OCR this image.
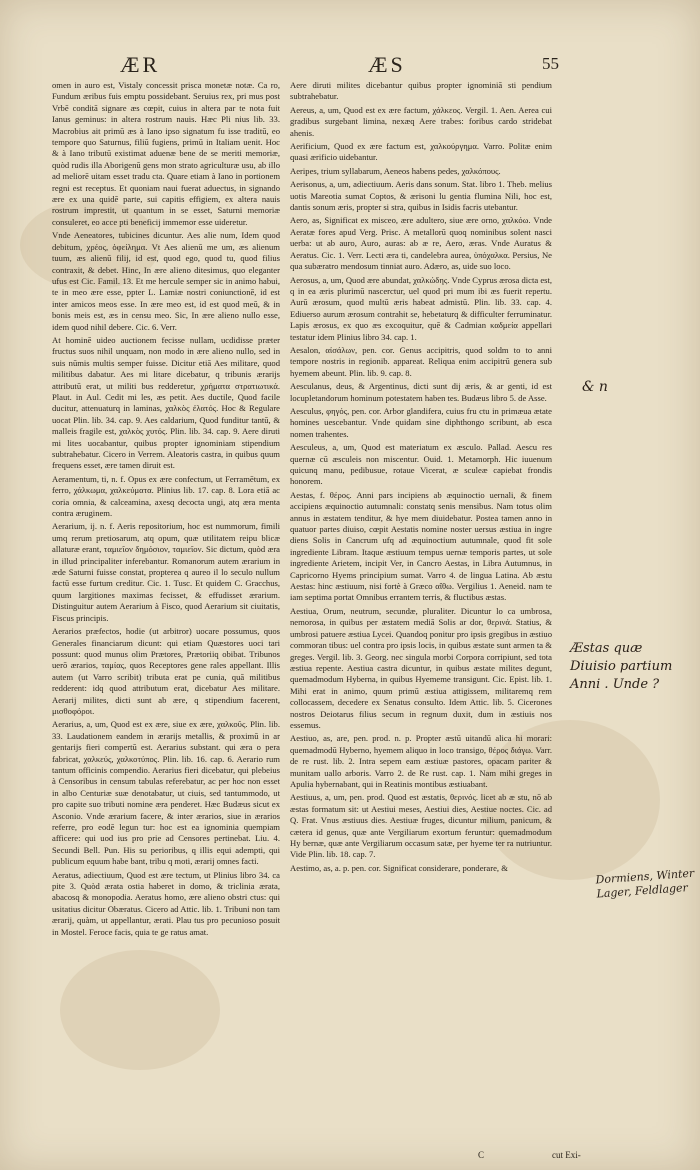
ÆR	ÆS	55

omen in auro est, Vistaly concessit prisca monetæ notæ. Ca ro, Fundum æribus fuis emptu possidebant. Seruius rex, pri mus post Vrbē conditā signare æs cœpit, cuius in altera par te nota fuit Ianus geminus: in altera rostrum nauis. Hæc Pli nius lib. 33. Macrobius ait primū æs à Iano ipso signatum fu isse traditū, eo tempore quo Saturnus, filiū fugiens, primū in Italiam uenit. Hoc & à Iano tributū existimat aduenæ bene de se meriti memoriæ, quòd rudis illa Aborigenū gens mon strato agriculturæ usu, ab illo ad meliorē uitam esset tradu cta. Quare etiam à Iano in portionem regni est receptus. Et quoniam naui fuerat aduectus, in signando ære ex una quidē parte, sui capitis effigiem, ex altera nauis rostrum imprestit, ut quantum in se esset, Saturni memoriæ consuleret, eo acce pti beneficij immemor esse uideretur.

Vnde Aeneatores, tubicines dicuntur. Aes alie num, Idem quod debitum, χρέος, ὀφείλημα. Vt Aes alienū me um, æs alienum tuum, æs alienū filij, id est, quod ego, quod tu, quod filius contraxit, & debet. Hinc, In ære alieno ditesimus, quo eleganter ufus est Cic. Famil. 13. Et me hercule semper sic in animo habui, te in meo ære esse, ppter L. Lamiæ nostri coniunctionē, id est inter amicos meos esse. In ære meo est, id est quod meū, & in bonis meis est, æs in censu meo. Sic, In ære alieno nullo esse, idem quod nihil debere. Cic. 6. Verr.

At hominē uideo auctionem fecisse nullam, ucdidisse præter fructus suos nihil unquam, non modo in ære alieno nullo, sed in suis nūmis multis semper fuisse. Dicitur etiā Aes militare, quod militibus dabatur. Aes mi litare dicebatur, q tribunis ærarijs attributū erat, ut militi bus redderetur, χρήματα στρατιωτικά. Plaut. in Aul. Cedit mi les, æs petit. Aes ductile, Quod facile ducitur, attenuaturq in laminas, χαλκὸς ἐλατός. Hoc & Regulare uocat Plin. lib. 34. cap. 9. Aes caldarium, Quod funditur tantū, & malleis fragile est, χαλκὸς χυτός. Plin. lib. 34. cap. 9. Aere diruti mi lites uocabantur, quibus propter ignominiam stipendium subtrahebatur. Cicero in Verrem. Aleatoris castra, in quibus quum frequens esset, ære tamen diruit est.

Aeramentum, ti, n. f. Opus ex ære confectum, ut Ferramētum, ex ferro, χάλκωμα, χαλκεύματα. Plinius lib. 17. cap. 8. Lora etiā ac coria omnia, & calceamina, axesq decocta ungi, atq æra menta contra æruginem.

Aerarium, ij. n. f. Aeris repositorium, hoc est nummorum, fimili umq rerum pretiosarum, atq opum, quæ utilitatem reipu blicæ allaturæ erant, ταμιεῖον δημόσιον, ταμιεῖον. Sic dictum, quòd æra in illud principaliter inferebantur. Romanorum autem ærarium in æde Saturni fuisse constat, propterea q aureo il lo seculo nullum factū esse furtum creditur. Cic. 1. Tusc. Et quidem C. Gracchus, quum largitiones maximas fecisset, & effudisset ærarium. Distinguitur autem Aerarium à Fisco, quod Aerarium sit ciuitatis, Fiscus principis.

Aerarios præfectos, hodie (ut arbitror) uocare possumus, quos Generales financiarum dicunt: qui etiam Quæstores uoci tari possunt: quod munus olim Prætores, Prætoriiq obibat. Tribunos uerō ærarios, ταμίας, quos Receptores gene rales appellant. Illis autem (ut Varro scribit) tributa erat pe cunia, quā militibus redderent: idq quod attributum erat, dicebatur Aes militare. Aerarij milites, dicti sunt ab ære, q stipendium facerent, μισθοφόροι.

Aerarius, a, um, Quod est ex ære, siue ex ære, χαλκοῦς. Plin. lib. 33. Laudationem eandem in ærarijs metallis, & proximū in ar gentarijs fieri compertū est. Aerarius substant. qui æra o pera fabricat, χαλκεύς, χαλκοτύπος. Plin. lib. 16. cap. 6. Aerario rum tantum officinis compendio. Aerarius fieri dicebatur, qui plebeius à Censoribus in censum tabulas referebatur, ac per hoc non esset in albo Centuriæ suæ denotabatur, ut ciuis, sed tantummodo, ut pro capite suo tributi nomine æra penderet. Hæc Budæus sicut ex Asconio. Vnde ærarium facere, & inter ærarios, siue in ærarios referre, pro eodē legun tur: hoc est ea ignominia quempiam afficere: qui uod ius pro prie ad Censores pertinebat. Liu. 4. Secundi Bell. Pun. His su perioribus, q illis equi adempti, qui publicum equum habe bant, tribu q moti, ærarij omnes facti.

Aeratus, adiectiuum, Quod est ære tectum, ut Plinius libro 34. ca pite 3. Quòd ærata ostia haberet in domo, & triclinia ærata, abacosq & monopodia. Aeratus homo, ære alieno obstri ctus: qui usitatius dicitur Obæratus. Cicero ad Attic. lib. 1. Tribuni non tam ærarij, quàm, ut appellantur, ærati. Plau tus pro pecunioso posuit in Mostel. Feroce facis, quia te ge ratus amat.

Aere diruti milites dicebantur quibus propter ignominiā sti pendium subtrahebatur.

Aereus, a, um, Quod est ex ære factum, χάλκεος. Vergil. 1. Aen. Aerea cui gradibus surgebant limina, nexæq Aere trabes: foribus cardo stridebat ahenis.

Aerificium, Quod ex ære factum est, χαλκούργημα. Varro. Politæ enim quasi ærificio uidebantur.

Aeripes, trium syllabarum, Aeneos habens pedes, χαλκόπους.

Aerisonus, a, um, adiectiuum. Aeris dans sonum. Stat. libro 1. Theb. melius uotis Mareotia sumat Coptos, & ærisoni lu gentia flumina Nili, hoc est, dantis sonum æris, propter si stra, quibus in Isidis facris utebantur.

Aero, as, Significat ex misceo, ære adultero, siue ære orno, χαλκόω. Vnde Aeratæ fores apud Verg. Prisc. A metallorū quoq nominibus solent nasci uerba: ut ab auro, Auro, auras: ab æ re, Aero, æras. Vnde Auratus & Aeratus. Cic. 1. Verr. Lecti æra ti, candelebra aurea, ὑπόχαλκα. Persius, Ne qua subæratro mendosum tinniat auro. Adæro, as, uide suo loco.

Aerosus, a, um, Quod ære abundat, χαλκώδης. Vnde Cyprus ærosa dicta est, q in ea æris plurimū nascerctur, uel quod pri mum ibi æs fuerit repertu. Aurū ærosum, quod multū æris habeat admistū. Plin. lib. 33. cap. 4. Ediuerso aurum ærosum contrahit se, hebetaturq & difficulter ferruminatur. Lapis ærosus, ex quo æs excoquitur, quē & Cadmian καδμεία appellari testatur idem Plinius libro 34. cap. 1.

Aesalon, αἰσάλων, pen. cor. Genus accipitris, quod soldm to to anni tempore nostris in regionib. appareat. Reliqua enim accipitrū genera sub hyemem abeunt. Plin. lib. 9. cap. 8.

Aesculanus, deus, & Argentinus, dicti sunt dij æris, & ar genti, id est locupletandorum hominum potestatem haben tes. Budæus libro 5. de Asse.

Aesculus, φηγός, pen. cor. Arbor glandifera, cuius fru ctu in primæua ætate homines uescebantur. Vnde quidam sine diphthongo scribunt, ab esca nomen trahentes.

Aesculeus, a, um, Quod est materiatum ex æsculo. Pallad. Aescu res quernæ cū æsculeis non miscentur. Ouid. 1. Metamorph. Hic iuuenum quicunq manu, pedibusue, rotaue Vicerat, æ sculeæ capiebat frondis honorem.

Aestas, f. θέρος. Anni pars incipiens ab æquinoctio uernali, & finem accipiens æquinoctio autumnali: constatq senis mensibus. Nam totus olim annus in æstatem tenditur, & hye mem diuidebatur. Postea tamen anno in quatuor partes diuiso, cœpit Aestatis nomine noster uersus æstiua in ingre diens Solis in Cancrum ufq ad æquinoctium autumnale, quod fit sole ingrediente Libram. Itaque æstiuum tempus uernæ temporis partes, ut sole ingrediente Arietem, incipit Ver, in Cancro Aestas, in Libra Autumnus, in Capricorno Hyems principium sumat. Varro 4. de lingua Latina. Ab æstu Aestas: hinc æstiuum, nisi fortè à Græco αἴθω. Vergilius 1. Aeneid. nam te iam septima portat Omnibus errantem terris, & fluctibus æstas.

Aestiua, Orum, neutrum, secundæ, pluraliter. Dicuntur lo ca umbrosa, nemorosa, in quibus per æstatem mediā Solis ar dor, θερινά. Statius, & umbrosi patuere æstiua Lycei. Quandoq ponitur pro ipsis gregibus in æstiuo commoran tibus: uel contra pro ipsis locis, in quibus æstate sunt armen ta & greges. Vergil. lib. 3. Georg. nec singula morbi Corpora corripiunt, sed tota æstiua repente. Aestiua castra dicuntur, in quibus æstate milites degunt, quemadmodum Hyberna, in quibus Hyememe transigunt. Cic. Epist. lib. 1. Mihi erat in animo, quum primū æstiua attigissem, militaremq rem collocassem, decedere ex Senatus consulto. Idem Attic. lib. 5. Cicerones nostros Deiotarus filius secum in regnum duxit, dum in æstiuis nos essemus.

Aestiuo, as, are, pen. prod. n. p. Propter æstū uitandū alica hi morari: quemadmodū Hyberno, hyemem aliquo in loco transigo, θέρος διάγω. Varr. de re rust. lib. 2. Intra sepem eam æstiuæ pastores, opacam pariter & munitam uallo arboris. Varro 2. de Re rust. cap. 1. Nam mihi greges in Apulia hybernabant, qui in Reatinis montibus æstiuabant.

Aestiuus, a, um, pen. prod. Quod est æstatis, θερινός. licet ab æ stu, nō ab æstas formatum sit: ut Aestiui meses, Aestiui dies, Aestiue noctes. Cic. ad Q. Frat. Vnus æstiuus dies. Aestiuæ fruges, dicuntur milium, panicum, & cætera id genus, quæ ante Vergiliarum exortum feruntur: quemadmodum Hy bernæ, quæ ante Vergiliarum occasum satæ, per hyeme ter ra nutriuntur. Vide Plin. lib. 18. cap. 7.

Aestimo, as, a. p. pen. cor. Significat considerare, ponderare, &

& n
Æstas quæ Diuisio partium Anni . Unde ?
Dormiens, Winter Lager, Feldlager
C	cut Exi-
